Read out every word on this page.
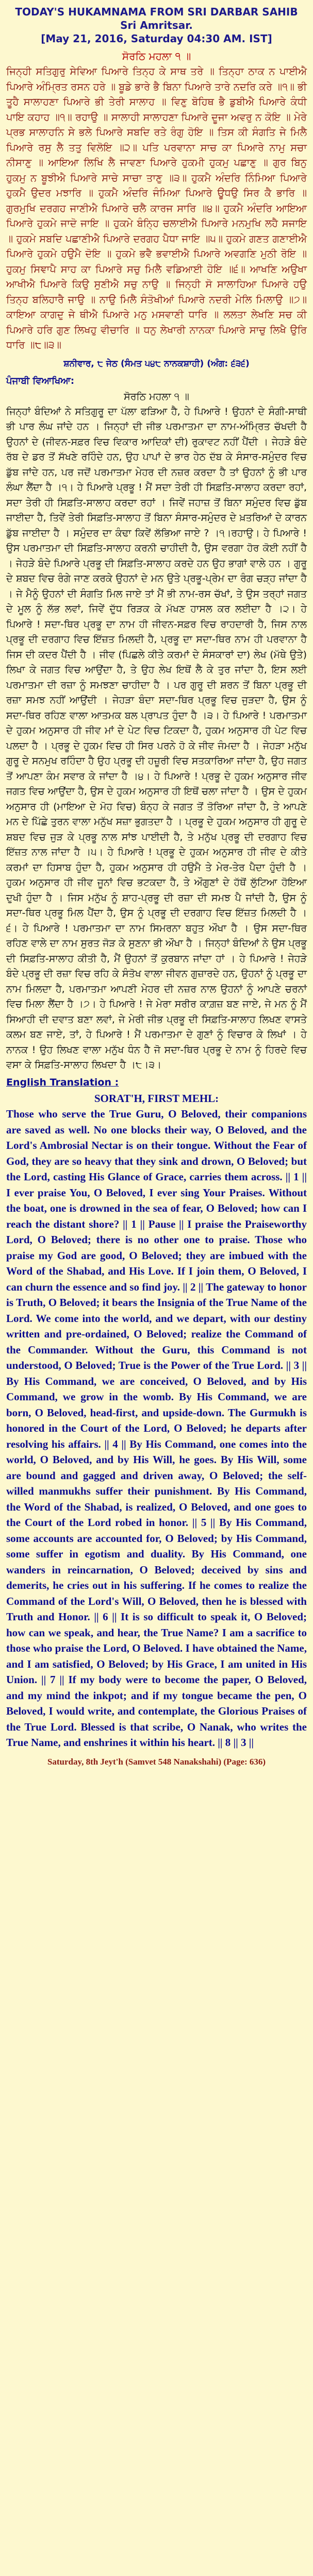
TODAY'S HUKAMNAMA FROM SRI DARBAR SAHIB
Sri Amritsar.
[May 21, 2016, Saturday 04:30 AM. IST]
ਸੋਰਠਿ ਮਹਲਾ ੧ ॥
ਜਿਨ੍ਹੀ ਸਤਿਗੁਰੁ ਸੇਵਿਆ ਪਿਆਰੇ ਤਿਨ੍ਹ ਕੇ ਸਾਥ ਤਰੇ ॥ ਤਿਨ੍ਹਾ ਠਾਕ ਨ ਪਾਈਐ ਪਿਆਰੇ ਅੰਮ੍ਰਿਤ ਰਸਨ ਹਰੇ ॥ ਬੂਡੇ ਭਾਰੇ ਭੈ ਬਿਨਾ ਪਿਆਰੇ ਤਾਰੇ ਨਦਰਿ ਕਰੇ ॥੧॥ ਭੀ ਤੂਹੈ ਸਾਲਾਹਣਾ ਪਿਆਰੇ ਭੀ ਤੇਰੀ ਸਾਲਾਹ ॥ ਵਿਣੁ ਬੋਹਿਥ ਭੈ ਡੁਬੀਐ ਪਿਆਰੇ ਕੰਧੀ ਪਾਇ ਕਹਾਹ ॥੧॥ ਰਹਾਉ ॥ ਸਾਲਾਹੀ ਸਾਲਾਹਣਾ ਪਿਆਰੇ ਦੂਜਾ ਅਵਰੁ ਨ ਕੋਇ ॥ ਮੇਰੇ ਪ੍ਰਭ ਸਾਲਾਹਨਿ ਸੇ ਭਲੇ ਪਿਆਰੇ ਸਬਦਿ ਰਤੇ ਰੰਗੁ ਹੋਇ ॥ ਤਿਸ ਕੀ ਸੰਗਤਿ ਜੇ ਮਿਲੈ ਪਿਆਰੇ ਰਸੁ ਲੈ ਤਤੁ ਵਿਲੋਇ ॥੨॥ ਪਤਿ ਪਰਵਾਨਾ ਸਾਚ ਕਾ ਪਿਆਰੇ ਨਾਮੁ ਸਚਾ ਨੀਸਾਣੁ ॥ ਆਇਆ ਲਿਖਿ ਲੈ ਜਾਵਣਾ ਪਿਆਰੇ ਹੁਕਮੀ ਹੁਕਮੁ ਪਛਾਣੁ ॥ ਗੁਰ ਬਿਨੁ ਹੁਕਮੁ ਨ ਬੂਝੀਐ ਪਿਆਰੇ ਸਾਚੇ ਸਾਚਾ ਤਾਣੁ ॥੩॥ ਹੁਕਮੈ ਅੰਦਰਿ ਨਿੰਮਿਆ ਪਿਆਰੇ ਹੁਕਮੈ ਉਦਰ ਮਝਾਰਿ ॥ ਹੁਕਮੈ ਅੰਦਰਿ ਜੰਮਿਆ ਪਿਆਰੇ ਊਧਉ ਸਿਰ ਕੈ ਭਾਰਿ ॥ ਗੁਰਮੁਖਿ ਦਰਗਹ ਜਾਣੀਐ ਪਿਆਰੇ ਚਲੈ ਕਾਰਜ ਸਾਰਿ ॥੪॥ ਹੁਕਮੈ ਅੰਦਰਿ ਆਇਆ ਪਿਆਰੇ ਹੁਕਮੇ ਜਾਦੋ ਜਾਇ ॥ ਹੁਕਮੇ ਬੰਨ੍ਹਿ ਚਲਾਈਐ ਪਿਆਰੇ ਮਨਮੁਖਿ ਲਹੈ ਸਜਾਇ ॥ ਹੁਕਮੇ ਸਬਦਿ ਪਛਾਣੀਐ ਪਿਆਰੇ ਦਰਗਹ ਪੈਧਾ ਜਾਇ ॥੫॥ ਹੁਕਮੇ ਗਣਤ ਗਣਾਈਐ ਪਿਆਰੇ ਹੁਕਮੇ ਹਉਮੈ ਦੋਇ ॥ ਹੁਕਮੇ ਭਵੈ ਭਵਾਈਐ ਪਿਆਰੇ ਅਵਗਣਿ ਮੁਠੀ ਰੋਇ ॥ ਹੁਕਮੁ ਸਿਞਾਪੈ ਸਾਹ ਕਾ ਪਿਆਰੇ ਸਚੁ ਮਿਲੈ ਵਡਿਆਈ ਹੋਇ ॥੬॥ ਆਖਣਿ ਅਉਖਾ ਆਖੀਐ ਪਿਆਰੇ ਕਿਉ ਸੁਣੀਐ ਸਚੁ ਨਾਉ ॥ ਜਿਨ੍ਹੀ ਸੋ ਸਾਲਾਹਿਆ ਪਿਆਰੇ ਹਉ ਤਿਨ੍ਹ ਬਲਿਹਾਰੈ ਜਾਉ ॥ ਨਾਉ ਮਿਲੈ ਸੰਤੋਖੀਆਂ ਪਿਆਰੇ ਨਦਰੀ ਮੇਲਿ ਮਿਲਾਉ ॥੭॥ ਕਾਇਆ ਕਾਗਦੁ ਜੇ ਥੀਐ ਪਿਆਰੇ ਮਨੁ ਮਸਵਾਣੀ ਧਾਰਿ ॥ ਲਲਤਾ ਲੇਖਣਿ ਸਚ ਕੀ ਪਿਆਰੇ ਹਰਿ ਗੁਣ ਲਿਖਹੁ ਵੀਚਾਰਿ ॥ ਧਨੁ ਲੇਖਾਰੀ ਨਾਨਕਾ ਪਿਆਰੇ ਸਾਚੁ ਲਿਖੈ ਉਰਿ ਧਾਰਿ ॥੮॥੩॥
ਸ਼ਨੀਵਾਰ, ੮ ਜੇਠ (ਸੰਮਤ ੫੪੮ ਨਾਨਕਸ਼ਾਹੀ) (ਅੰਗ: ੬੩੬)
ਪੰਜਾਬੀ ਵਿਆਖਿਆ:
ਸੋਰਠਿ ਮਹਲਾ ੧ ॥
ਜਿਨ੍ਹਾਂ ਬੰਦਿਆਂ ਨੇ ਸਤਿਗੁਰੂ ਦਾ ਪੱਲਾ ਫੜਿਆ ਹੈ, ਹੇ ਪਿਆਰੇ ! ਉਹਨਾਂ ਦੇ ਸੰਗੀ-ਸਾਥੀ ਭੀ ਪਾਰ ਲੰਘ ਜਾਂਦੇ ਹਨ । ਜਿਨ੍ਹਾਂ ਦੀ ਜੀਭ ਪਰਮਾਤਮਾ ਦਾ ਨਾਮ-ਅੰਮ੍ਰਿਤ ਚੱਖਦੀ ਹੈ ਉਹਨਾਂ ਦੇ (ਜੀਵਨ-ਸਫ਼ਰ ਵਿਚ ਵਿਕਾਰ ਆਦਿਕਾਂ ਦੀ) ਰੁਕਾਵਟ ਨਹੀਂ ਪੈਂਦੀ । ਜੇਹੜੇ ਬੰਦੇ ਰੱਬ ਦੇ ਡਰ ਤੋਂ ਸੱਖਣੇ ਰਹਿੰਦੇ ਹਨ, ਉਹ ਪਾਪਾਂ ਦੇ ਭਾਰ ਹੇਠ ਦੱਬ ਕੇ ਸੰਸਾਰ-ਸਮੁੰਦਰ ਵਿਚ ਡੁੱਬ ਜਾਂਦੇ ਹਨ, ਪਰ ਜਦੋਂ ਪਰਮਾਤਮਾ ਮੇਹਰ ਦੀ ਨਜ਼ਰ ਕਰਦਾ ਹੈ ਤਾਂ ਉਹਨਾਂ ਨੂੰ ਭੀ ਪਾਰ ਲੰਘਾ ਲੈਂਦਾ ਹੈ ।੧। ਹੇ ਪਿਆਰੇ ਪ੍ਰਭੂ ! ਮੈਂ ਸਦਾ ਤੇਰੀ ਹੀ ਸਿਫ਼ਤਿ-ਸਾਲਾਹ ਕਰਦਾ ਰਹਾਂ, ਸਦਾ ਤੇਰੀ ਹੀ ਸਿਫ਼ਤਿ-ਸਾਲਾਹ ਕਰਦਾ ਰਹਾਂ । ਜਿਵੇਂ ਜਹਾਜ਼ ਤੋਂ ਬਿਨਾ ਸਮੁੰਦਰ ਵਿਚ ਡੁੱਬ ਜਾਈਦਾ ਹੈ, ਤਿਵੇਂ ਤੇਰੀ ਸਿਫ਼ਤਿ-ਸਾਲਾਹ ਤੋਂ ਬਿਨਾ ਸੰਸਾਰ-ਸਮੁੰਦਰ ਦੇ ਖ਼ਤਰਿਆਂ ਦੇ ਕਾਰਨ ਡੁੱਬ ਜਾਈਦਾ ਹੈ । ਸਮੁੰਦਰ ਦਾ ਕੰਢਾ ਕਿਵੇਂ ਲੱਭਿਆ ਜਾਏ ? ।੧।ਰਹਾਉ। ਹੇ ਪਿਆਰੇ ! ਉਸ ਪਰਮਾਤਮਾ ਦੀ ਸਿਫ਼ਤਿ-ਸਾਲਾਹ ਕਰਨੀ ਚਾਹੀਦੀ ਹੈ, ਉਸ ਵਰਗਾ ਹੋਰ ਕੋਈ ਨਹੀਂ ਹੈ । ਜੇਹੜੇ ਬੰਦੇ ਪਿਆਰੇ ਪ੍ਰਭੂ ਦੀ ਸਿਫ਼ਤਿ-ਸਾਲਾਹ ਕਰਦੇ ਹਨ ਉਹ ਭਾਗਾਂ ਵਾਲੇ ਹਨ । ਗੁਰੂ ਦੇ ਸ਼ਬਦ ਵਿਚ ਰੰਗੇ ਜਾਣ ਕਰਕੇ ਉਹਨਾਂ ਦੇ ਮਨ ਉਤੇ ਪ੍ਰਭੂ-ਪ੍ਰੇਮ ਦਾ ਰੰਗ ਚੜ੍ਹ ਜਾਂਦਾ ਹੈ । ਜੇ ਮੈਨੂੰ ਉਹਨਾਂ ਦੀ ਸੰਗਤਿ ਮਿਲ ਜਾਏ ਤਾਂ ਮੈਂ ਭੀ ਨਾਮ-ਰਸ ਚੱਖਾਂ, ਤੇ ਉਸ ਤਰ੍ਹਾਂ ਜਗਤ ਦੇ ਮੂਲ ਨੂੰ ਲੱਭ ਲਵਾਂ, ਜਿਵੇਂ ਦੁੱਧ ਰਿੜਕ ਕੇ ਮੱਖਣ ਹਾਸਲ ਕਰ ਲਈਦਾ ਹੈ ।੨। ਹੇ ਪਿਆਰੇ ! ਸਦਾ-ਥਿਰ ਪ੍ਰਭੂ ਦਾ ਨਾਮ ਹੀ ਜੀਵਨ-ਸਫ਼ਰ ਵਿਚ ਰਾਹਦਾਰੀ ਹੈ, ਜਿਸ ਨਾਲ ਪ੍ਰਭੂ ਦੀ ਦਰਗਾਹ ਵਿਚ ਇੱਜ਼ਤ ਮਿਲਦੀ ਹੈ, ਪ੍ਰਭੂ ਦਾ ਸਦਾ-ਥਿਰ ਨਾਮ ਹੀ ਪਰਵਾਨਾ ਹੈ ਜਿਸ ਦੀ ਕਦਰ ਪੈਂਦੀ ਹੈ । ਜੀਵ (ਪਿਛਲੇ ਕੀਤੇ ਕਰਮਾਂ ਦੇ ਸੰਸਕਾਰਾਂ ਦਾ) ਲੇਖ (ਮੱਥੇ ਉਤੇ) ਲਿਖਾ ਕੇ ਜਗਤ ਵਿਚ ਆਉਂਦਾ ਹੈ, ਤੇ ਉਹ ਲੇਖ ਇਥੋਂ ਲੈ ਕੇ ਤੁਰ ਜਾਂਦਾ ਹੈ, ਇਸ ਲਈ ਪਰਮਾਤਮਾ ਦੀ ਰਜ਼ਾ ਨੂੰ ਸਮਝਣਾ ਚਾਹੀਦਾ ਹੈ । ਪਰ ਗੁਰੂ ਦੀ ਸ਼ਰਨ ਤੋਂ ਬਿਨਾ ਪ੍ਰਭੂ ਦੀ ਰਜ਼ਾ ਸਮਝ ਨਹੀਂ ਆਉਂਦੀ । ਜੇਹੜਾ ਬੰਦਾ ਸਦਾ-ਥਿਰ ਪ੍ਰਭੂ ਵਿਚ ਜੁੜਦਾ ਹੈ, ਉਸ ਨੂੰ ਸਦਾ-ਥਿਰ ਰਹਿਣ ਵਾਲਾ ਆਤਮਕ ਬਲ ਪ੍ਰਾਪਤ ਹੁੰਦਾ ਹੈ ।੩। ਹੇ ਪਿਆਰੇ ! ਪਰਮਾਤਮਾ ਦੇ ਹੁਕਮ ਅਨੁਸਾਰ ਹੀ ਜੀਵ ਮਾਂ ਦੇ ਪੇਟ ਵਿਚ ਟਿਕਦਾ ਹੈ, ਹੁਕਮ ਅਨੁਸਾਰ ਹੀ ਪੇਟ ਵਿਚ ਪਲਦਾ ਹੈ । ਪ੍ਰਭੂ ਦੇ ਹੁਕਮ ਵਿਚ ਹੀ ਸਿਰ ਪਰਨੇ ਹੋ ਕੇ ਜੀਵ ਜੰਮਦਾ ਹੈ । ਜੇਹੜਾ ਮਨੁੱਖ ਗੁਰੂ ਦੇ ਸਨਮੁਖ ਰਹਿੰਦਾ ਹੈ ਉਹ ਪ੍ਰਭੂ ਦੀ ਹਜ਼ੂਰੀ ਵਿਚ ਸਤਕਾਰਿਆ ਜਾਂਦਾ ਹੈ, ਉਹ ਜਗਤ ਤੋਂ ਆਪਣਾ ਕੰਮ ਸਵਾਰ ਕੇ ਜਾਂਦਾ ਹੈ ।੪। ਹੇ ਪਿਆਰੇ ! ਪ੍ਰਭੂ ਦੇ ਹੁਕਮ ਅਨੁਸਾਰ ਜੀਵ ਜਗਤ ਵਿਚ ਆਉਂਦਾ ਹੈ, ਉਸ ਦੇ ਹੁਕਮ ਅਨੁਸਾਰ ਹੀ ਇਥੋਂ ਚਲਾ ਜਾਂਦਾ ਹੈ । ਉਸ ਦੇ ਹੁਕਮ ਅਨੁਸਾਰ ਹੀ (ਮਾਇਆ ਦੇ ਮੋਹ ਵਿਚ) ਬੰਨ੍ਹ ਕੇ ਜਗਤ ਤੋਂ ਤੋਰਿਆ ਜਾਂਦਾ ਹੈ, ਤੇ ਆਪਣੇ ਮਨ ਦੇ ਪਿੱਛੇ ਤੁਰਨ ਵਾਲਾ ਮਨੁੱਖ ਸਜ਼ਾ ਭੁਗਤਦਾ ਹੈ । ਪ੍ਰਭੂ ਦੇ ਹੁਕਮ ਅਨੁਸਾਰ ਹੀ ਗੁਰੂ ਦੇ ਸ਼ਬਦ ਵਿਚ ਜੁੜ ਕੇ ਪ੍ਰਭੂ ਨਾਲ ਸਾਂਝ ਪਾਈਦੀ ਹੈ, ਤੇ ਮਨੁੱਖ ਪ੍ਰਭੂ ਦੀ ਦਰਗਾਹ ਵਿਚ ਇੱਜ਼ਤ ਨਾਲ ਜਾਂਦਾ ਹੈ ।੫। ਹੇ ਪਿਆਰੇ ! ਪ੍ਰਭੂ ਦੇ ਹੁਕਮ ਅਨੁਸਾਰ ਹੀ ਜੀਵ ਦੇ ਕੀਤੇ ਕਰਮਾਂ ਦਾ ਹਿਸਾਬ ਹੁੰਦਾ ਹੈ, ਹੁਕਮ ਅਨੁਸਾਰ ਹੀ ਹਉਮੈ ਤੇ ਮੇਰ-ਤੇਰ ਪੈਦਾ ਹੁੰਦੀ ਹੈ । ਹੁਕਮ ਅਨੁਸਾਰ ਹੀ ਜੀਵ ਜੂਨਾਂ ਵਿਚ ਭਟਕਦਾ ਹੈ, ਤੇ ਔਗੁਣਾਂ ਦੇ ਹੱਥੋਂ ਲੁੱਟਿਆ ਹੋਇਆ ਦੁਖੀ ਹੁੰਦਾ ਹੈ । ਜਿਸ ਮਨੁੱਖ ਨੂੰ ਸ਼ਾਹ-ਪ੍ਰਭੂ ਦੀ ਰਜ਼ਾ ਦੀ ਸਮਝ ਪੈ ਜਾਂਦੀ ਹੈ, ਉਸ ਨੂੰ ਸਦਾ-ਥਿਰ ਪ੍ਰਭੂ ਮਿਲ ਪੈਂਦਾ ਹੈ, ਉਸ ਨੂੰ ਪ੍ਰਭੂ ਦੀ ਦਰਗਾਹ ਵਿਚ ਇੱਜ਼ਤ ਮਿਲਦੀ ਹੈ ।੬। ਹੇ ਪਿਆਰੇ ! ਪਰਮਾਤਮਾ ਦਾ ਨਾਮ ਸਿਮਰਨਾ ਬਹੁਤ ਔਖਾ ਹੈ । ਉਸ ਸਦਾ-ਥਿਰ ਰਹਿਣ ਵਾਲੇ ਦਾ ਨਾਮ ਸੁਰਤ ਜੋੜ ਕੇ ਸੁਣਨਾ ਭੀ ਔਖਾ ਹੈ । ਜਿਨ੍ਹਾਂ ਬੰਦਿਆਂ ਨੇ ਉਸ ਪ੍ਰਭੂ ਦੀ ਸਿਫ਼ਤਿ-ਸਾਲਾਹ ਕੀਤੀ ਹੈ, ਮੈਂ ਉਹਨਾਂ ਤੋਂ ਕੁਰਬਾਨ ਜਾਂਦਾ ਹਾਂ । ਹੇ ਪਿਆਰੇ ! ਜੇਹੜੇ ਬੰਦੇ ਪ੍ਰਭੂ ਦੀ ਰਜ਼ਾ ਵਿਚ ਰਹਿ ਕੇ ਸੰਤੋਖ ਵਾਲਾ ਜੀਵਨ ਗੁਜ਼ਾਰਦੇ ਹਨ, ਉਹਨਾਂ ਨੂੰ ਪ੍ਰਭੂ ਦਾ ਨਾਮ ਮਿਲਦਾ ਹੈ, ਪਰਮਾਤਮਾ ਆਪਣੀ ਮੇਹਰ ਦੀ ਨਜ਼ਰ ਨਾਲ ਉਹਨਾਂ ਨੂੰ ਆਪਣੇ ਚਰਨਾਂ ਵਿਚ ਮਿਲਾ ਲੈਂਦਾ ਹੈ ।੭। ਹੇ ਪਿਆਰੇ ! ਜੇ ਮੇਰਾ ਸਰੀਰ ਕਾਗ਼ਜ਼ ਬਣ ਜਾਏ, ਜੇ ਮਨ ਨੂੰ ਮੈਂ ਸਿਆਹੀ ਦੀ ਦਵਾਤ ਬਣਾ ਲਵਾਂ, ਜੇ ਮੇਰੀ ਜੀਭ ਪ੍ਰਭੂ ਦੀ ਸਿਫ਼ਤਿ-ਸਾਲਾਹ ਲਿਖਣ ਵਾਸਤੇ ਕਲਮ ਬਣ ਜਾਏ, ਤਾਂ, ਹੇ ਪਿਆਰੇ ! ਮੈਂ ਪਰਮਾਤਮਾ ਦੇ ਗੁਣਾਂ ਨੂੰ ਵਿਚਾਰ ਕੇ ਲਿਖਾਂ । ਹੇ ਨਾਨਕ ! ਉਹ ਲਿਖਣ ਵਾਲਾ ਮਨੁੱਖ ਧੰਨ ਹੈ ਜੋ ਸਦਾ-ਥਿਰ ਪ੍ਰਭੂ ਦੇ ਨਾਮ ਨੂੰ ਹਿਰਦੇ ਵਿਚ ਵਸਾ ਕੇ ਸਿਫ਼ਤਿ-ਸਾਲਾਹ ਲਿਖਦਾ ਹੈ ।੮।੩।
English Translation :
SORAT'H, FIRST MEHL:
Those who serve the True Guru, O Beloved, their companions are saved as well. No one blocks their way, O Beloved, and the Lord's Ambrosial Nectar is on their tongue. Without the Fear of God, they are so heavy that they sink and drown, O Beloved; but the Lord, casting His Glance of Grace, carries them across. || 1 || I ever praise You, O Beloved, I ever sing Your Praises. Without the boat, one is drowned in the sea of fear, O Beloved; how can I reach the distant shore? || 1 || Pause || I praise the Praiseworthy Lord, O Beloved; there is no other one to praise. Those who praise my God are good, O Beloved; they are imbued with the Word of the Shabad, and His Love. If I join them, O Beloved, I can churn the essence and so find joy. || 2 || The gateway to honor is Truth, O Beloved; it bears the Insignia of the True Name of the Lord. We come into the world, and we depart, with our destiny written and pre-ordained, O Beloved; realize the Command of the Commander. Without the Guru, this Command is not understood, O Beloved; True is the Power of the True Lord. || 3 || By His Command, we are conceived, O Beloved, and by His Command, we grow in the womb. By His Command, we are born, O Beloved, head-first, and upside-down. The Gurmukh is honored in the Court of the Lord, O Beloved; he departs after resolving his affairs. || 4 || By His Command, one comes into the world, O Beloved, and by His Will, he goes. By His Will, some are bound and gagged and driven away, O Beloved; the self-willed manmukhs suffer their punishment. By His Command, the Word of the Shabad, is realized, O Beloved, and one goes to the Court of the Lord robed in honor. || 5 || By His Command, some accounts are accounted for, O Beloved; by His Command, some suffer in egotism and duality. By His Command, one wanders in reincarnation, O Beloved; deceived by sins and demerits, he cries out in his suffering. If he comes to realize the Command of the Lord's Will, O Beloved, then he is blessed with Truth and Honor. || 6 || It is so difficult to speak it, O Beloved; how can we speak, and hear, the True Name? I am a sacrifice to those who praise the Lord, O Beloved. I have obtained the Name, and I am satisfied, O Beloved; by His Grace, I am united in His Union. || 7 || If my body were to become the paper, O Beloved, and my mind the inkpot; and if my tongue became the pen, O Beloved, I would write, and contemplate, the Glorious Praises of the True Lord. Blessed is that scribe, O Nanak, who writes the True Name, and enshrines it within his heart. || 8 || 3 ||
Saturday, 8th Jeyt'h (Samvet 548 Nanakshahi) (Page: 636)
